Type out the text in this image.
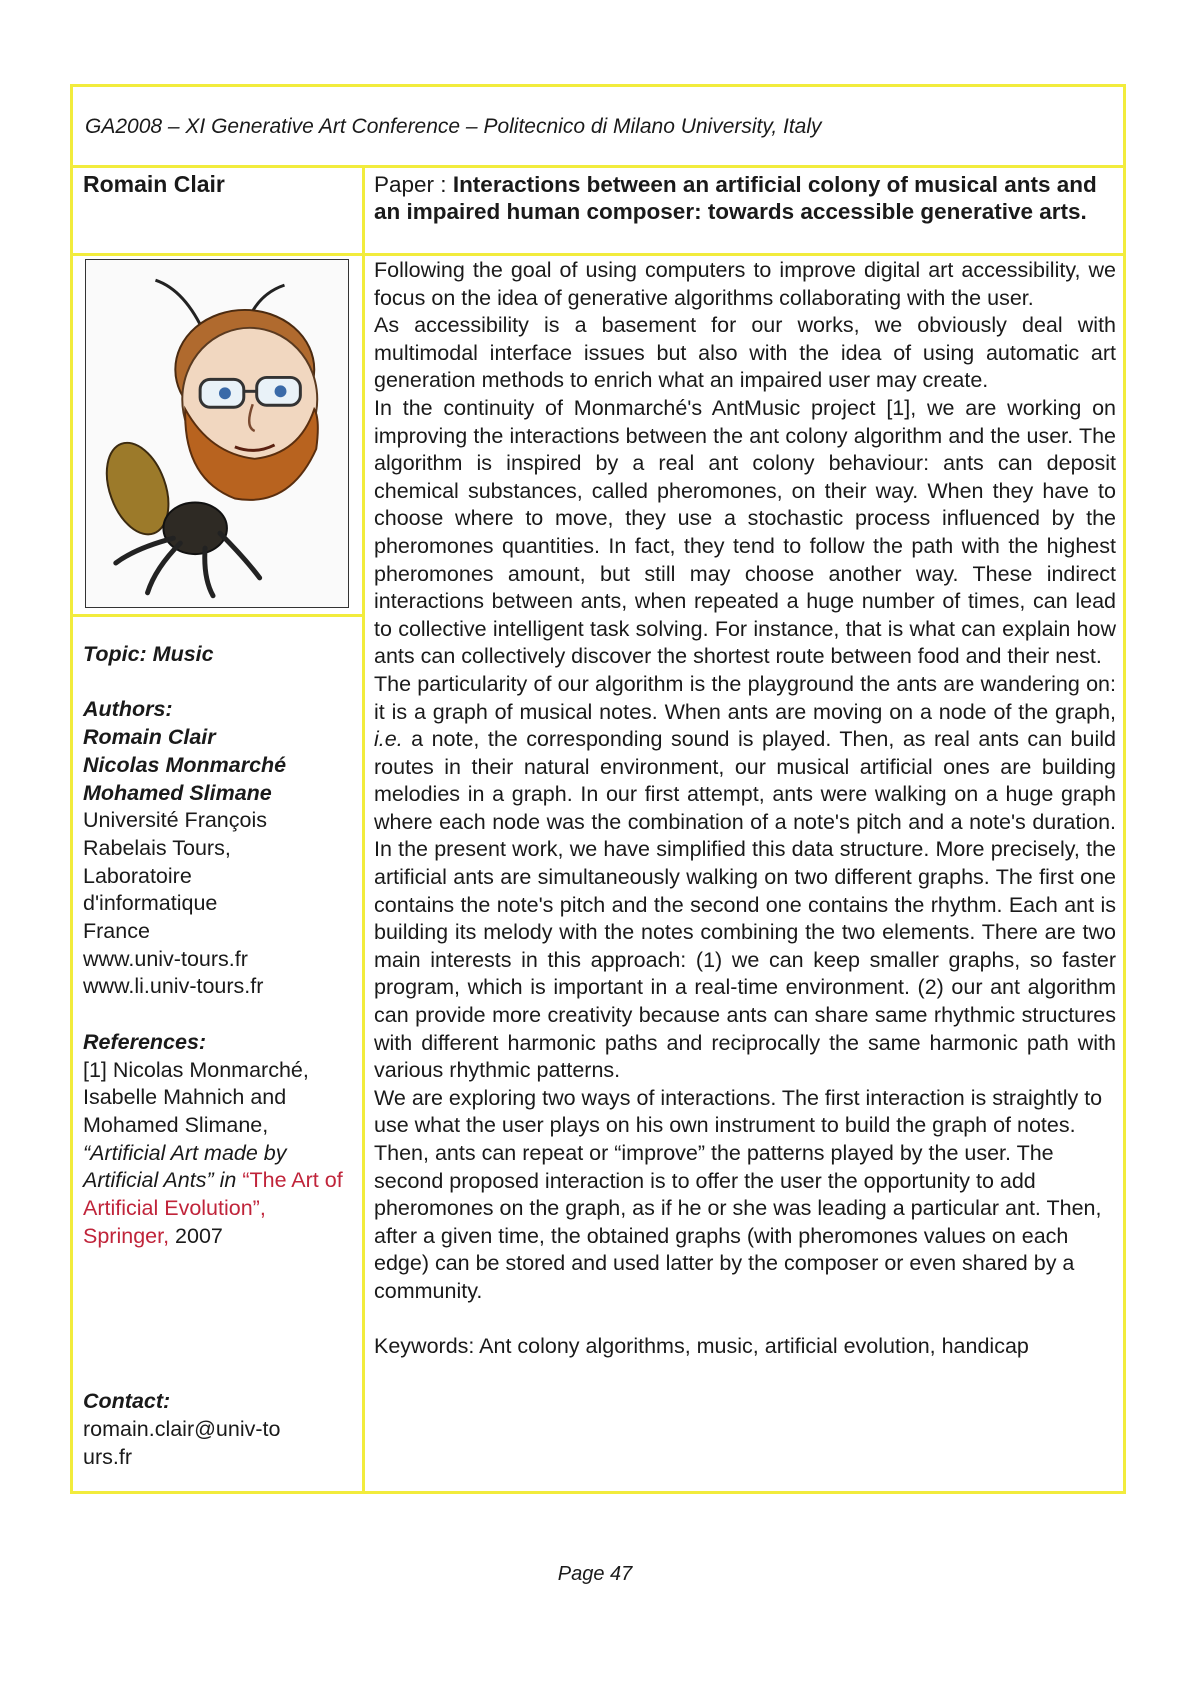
GA2008 – XI Generative Art Conference – Politecnico di Milano University, Italy
Romain Clair

Topic: Music

Authors:

Romain Clair

Nicolas Monmarché

Mohamed Slimane

Université François

Rabelais Tours,

Laboratoire

d'informatique

France

www.univ-tours.fr

www.li.univ-tours.fr

References:

[1] Nicolas Monmarché, Isabelle Mahnich and Mohamed Slimane, “Artificial Art made by Artificial Ants” in “The Art of Artificial Evolution”, Springer, 2007

Contact:

romain.clair@univ-tours.fr

Paper : Interactions between an artificial colony of musical ants and an impaired human composer: towards accessible generative arts.

Following the goal of using computers to improve digital art accessibility, we focus on the idea of generative algorithms collaborating with the user.

As accessibility is a basement for our works, we obviously deal with multimodal interface issues but also with the idea of using automatic art generation methods to enrich what an impaired user may create.

In the continuity of Monmarché's AntMusic project [1], we are working on improving the interactions between the ant colony algorithm and the user. The algorithm is inspired by a real ant colony behaviour: ants can deposit chemical substances, called pheromones, on their way. When they have to choose where to move, they use a stochastic process influenced by the pheromones quantities. In fact, they tend to follow the path with the highest pheromones amount, but still may choose another way. These indirect interactions between ants, when repeated a huge number of times, can lead to collective intelligent task solving. For instance, that is what can explain how ants can collectively discover the shortest route between food and their nest.

The particularity of our algorithm is the playground the ants are wandering on: it is a graph of musical notes. When ants are moving on a node of the graph, i.e. a note, the corresponding sound is played. Then, as real ants can build routes in their natural environment, our musical artificial ones are building melodies in a graph. In our first attempt, ants were walking on a huge graph where each node was the combination of a note's pitch and a note's duration. In the present work, we have simplified this data structure. More precisely, the artificial ants are simultaneously walking on two different graphs. The first one contains the note's pitch and the second one contains the rhythm. Each ant is building its melody with the notes combining the two elements. There are two main interests in this approach: (1) we can keep smaller graphs, so faster program, which is important in a real-time environment. (2) our ant algorithm can provide more creativity because ants can share same rhythmic structures with different harmonic paths and reciprocally the same harmonic path with various rhythmic patterns.

We are exploring two ways of interactions. The first interaction is straightly to use what the user plays on his own instrument to build the graph of notes. Then, ants can repeat or “improve” the patterns played by the user. The second proposed interaction is to offer the user the opportunity to add pheromones on the graph, as if he or she was leading a particular ant. Then, after a given time, the obtained graphs (with pheromones values on each edge) can be stored and used latter by the composer or even shared by a community.

Keywords: Ant colony algorithms, music, artificial evolution, handicap

Page 47
